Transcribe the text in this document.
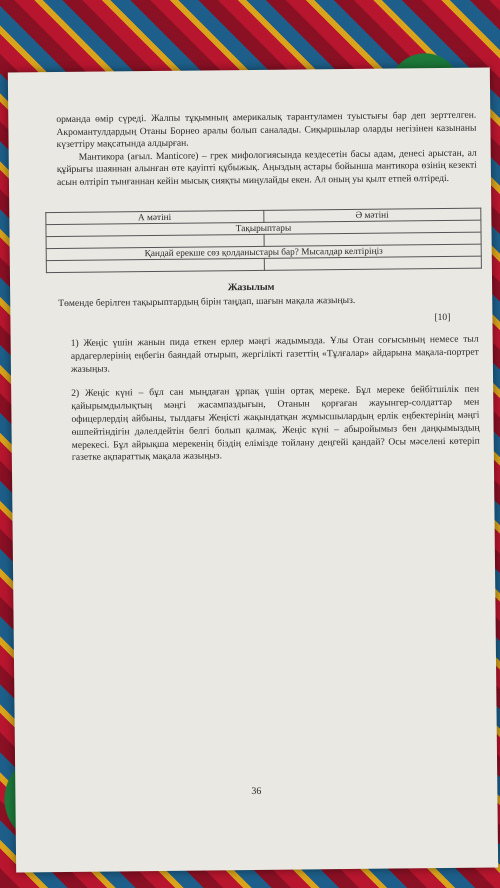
орманда өмір сүреді. Жалпы тұқымның америкалық тарантуламен туыстығы бар деп зерттелген. Акромантулдардың Отаны Борнео аралы болып саналады. Сиқыршылар оларды негізінен казынаны күзеттіру мақсатында алдырған.

Мантикора (ағыл. Manticore) – грек мифологиясында кездесетін басы адам, денесі арыстан, ал құйрығы шаяннан алынған өте қауіпті құбыжық. Аңыздың астары бойынша мантикора өзінің кезекті асын өлтіріп тынғаннан кейін мысық сияқты миңулайды екен. Ал оның уы қылт етпей өлтіреді.

А мәтіні	Ә мәтіні
Тақырыптары	

Қандай ерекше сөз қолданыстары бар? Мысалдар келтіріңіз	

Жазылым
Төменде берілген тақырыптардың бірін таңдап, шағын мақала жазыңыз.
[10]

1) Жеңіс үшін жанын пида еткен ерлер мәңгі жадымызда. Ұлы Отан соғысының немесе тыл ардагерлерінің еңбегін баяндай отырып, жергілікті газеттің «Тұлғалар» айдарына мақала-портрет жазыңыз.

2) Жеңіс күні – бұл сан мыңдаған ұрпақ үшін ортақ мереке. Бұл мереке бейбітшілік пен қайырымдылықтың мәңгі жасампаздығын, Отанын қорғаған жауынгер-солдаттар мен офицерлердің айбыны, тылдағы Жеңісті жақындатқан жұмысшылардың ерлік еңбектерінің мәңгі өшпейтіндігін дәлелдейтін белгі болып қалмақ. Жеңіс күні – абыройымыз бен даңқымыздың мерекесі. Бұл айрықша мерекенің біздің елімізде тойлану деңгейі қандай? Осы мәселені көтеріп газетке ақпараттық мақала жазыңыз.

36
